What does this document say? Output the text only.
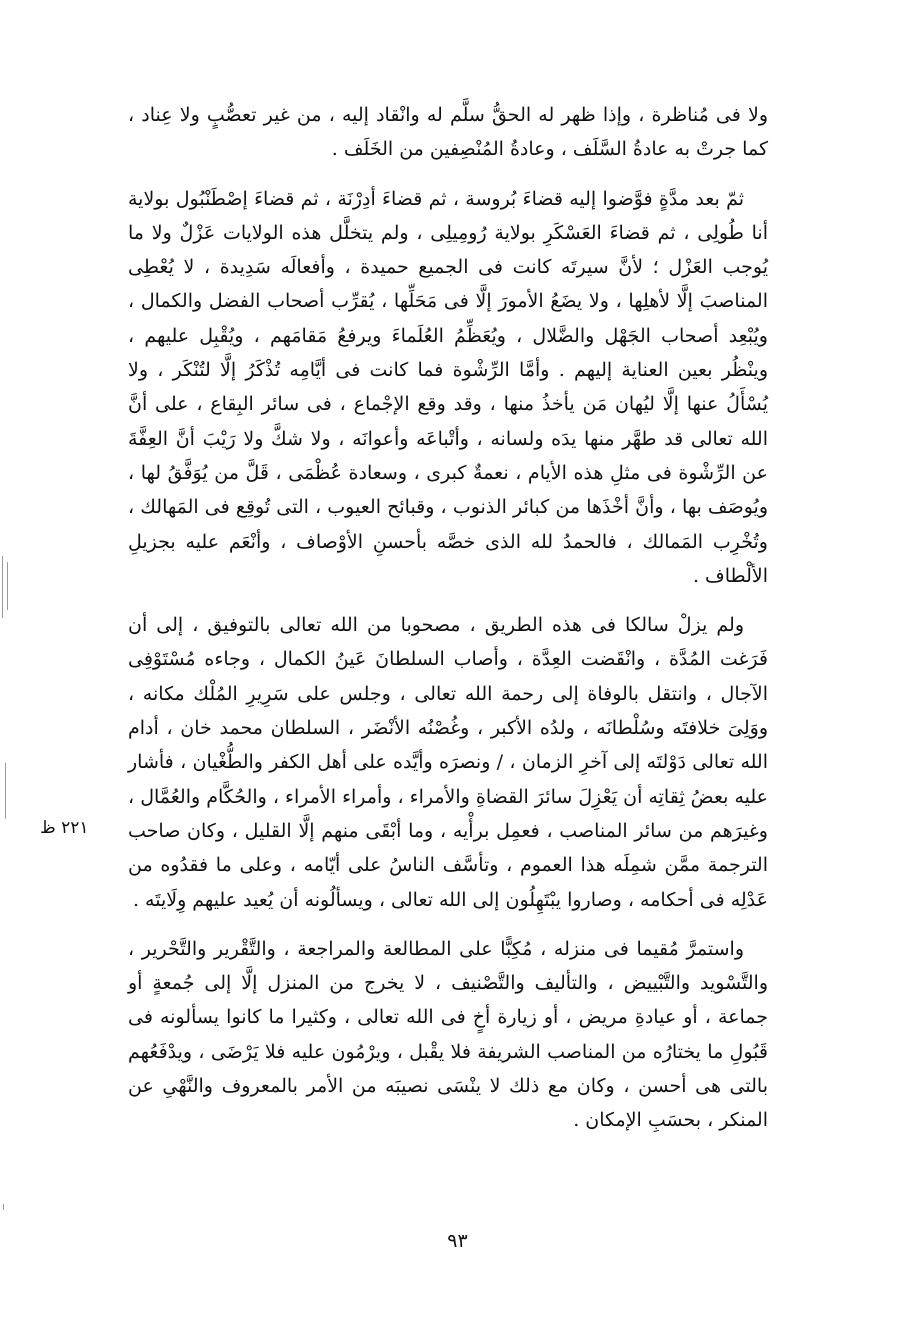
ولا فى مُناظرة ، وإذا ظهر له الحقُّ سلَّم له وانْقاد إليه ، من غير تعصُّبٍ ولا عِناد ، كما جرتْ به عادةُ السَّلَف ، وعادةُ المُنْصِفين من الخَلَف .

ثمّ بعد مدَّةٍ فوَّضوا إليه قضاءَ بُروسة ، ثم قضاءَ أدِرْنَة ، ثم قضاءَ إصْطَنْبُول بولاية أنا طُولِى ، ثم قضاءَ العَسْكَرِ بولاية رُومِيلِى ، ولم يتخلَّل هذه الولايات عَزْلٌ ولا ما يُوجب العَزْل ؛ لأنَّ سيرتَه كانت فى الجميع حميدة ، وأفعالَه سَدِيدة ، لا يُعْطِى المناصبَ إلَّا لأهلِها ، ولا يضَعُ الأمورَ إلَّا فى مَحَلِّها ، يُقرِّب أصحاب الفضل والكمال ، ويُبْعِد أصحاب الجَهْل والضَّلال ، ويُعَظِّمُ العُلَماءَ ويرفعُ مَقامَهم ، ويُقْبِل عليهم ، وينْظُر بعين العناية إليهم . وأمَّا الرِّشْوة فما كانت فى أيَّامِه تُذْكَرُ إلَّا لتُنْكَر ، ولا يُسْأَلُ عنها إلَّا ليُهان مَن يأخذُ منها ، وقد وقع الإجْماع ، فى سائر البِقاع ، على أنَّ الله تعالى قد طهَّر منها يدَه ولسانه ، وأتْباعَه وأعوانَه ، ولا شكَّ ولا رَيْبَ أنَّ العِفَّةَ عن الرِّشْوة فى مثلِ هذه الأيام ، نعمةٌ كبرى ، وسعادة عُظْمَى ، قَلَّ من يُوَفَّقُ لها ، ويُوصَف بها ، وأنَّ أخْذَها من كبائر الذنوب ، وقبائح العيوب ، التى تُوقِع فى المَهالك ، وتُخْرِب المَمالك ، فالحمدُ لله الذى خصَّه بأحسنِ الأوْصاف ، وأنْعَم عليه بجزيلِ الألْطاف .

ولم يزلْ سالكا فى هذه الطريق ، مصحوبا من الله تعالى بالتوفيق ، إلى أن فَرَغت المُدَّة ، وانْقَضت العِدَّة ، وأصاب السلطانَ عَينُ الكمال ، وجاءه مُسْتَوْفِى الآجال ، وانتقل بالوفاة إلى رحمة الله تعالى ، وجلس على سَرِيرِ المُلْك مكانه ، ووَلِىَ خلافتَه وسُلْطانَه ، ولدُه الأكبر ، وغُصْنُه الأنْضَر ، السلطان محمد خان ، أدام الله تعالى دَوْلتَه إلى آخرِ الزمان ، / ونصرَه وأيَّده على أهل الكفر والطُّغْيان ، فأشار عليه بعضُ ثِقاتِه أن يَعْزِلَ سائرَ القضاةِ والأمراء ، وأمراء الأمراء ، والحُكَّام والعُمَّال ، وغيرَهم من سائر المناصب ، فعمِل برأْيه ، وما أبْقَى منهم إلَّا القليل ، وكان صاحب الترجمة ممَّن شمِلَه هذا العموم ، وتأسَّف الناسُ على أيّامه ، وعلى ما فقدُوه من عَدْلِه فى أحكامه ، وصاروا يبْتَهِلُون إلى الله تعالى ، ويسألُونه أن يُعيد عليهم وِلَايتَه .

واستمرَّ مُقيما فى منزله ، مُكِبًّا على المطالعة والمراجعة ، والتَّقْرير والتَّحْرير ، والتَّسْويد والتَّبْييض ، والتأليف والتَّصْنيف ، لا يخرج من المنزل إلَّا إلى جُمعةٍ أو جماعة ، أو عيادةِ مريض ، أو زيارة أخٍ فى الله تعالى ، وكثيرا ما كانوا يسألونه فى قَبُولِ ما يختارُه من المناصب الشريفة فلا يقْبل ، ويرْمُون عليه فلا يَرْضَى ، ويدْفَعُهم بالتى هى أحسن ، وكان مع ذلك لا ينْسَى نصيبَه من الأمر بالمعروف والنَّهْىِ عن المنكر ، بحسَبِ الإمكان .

٢٢١ ظ
٩٣
